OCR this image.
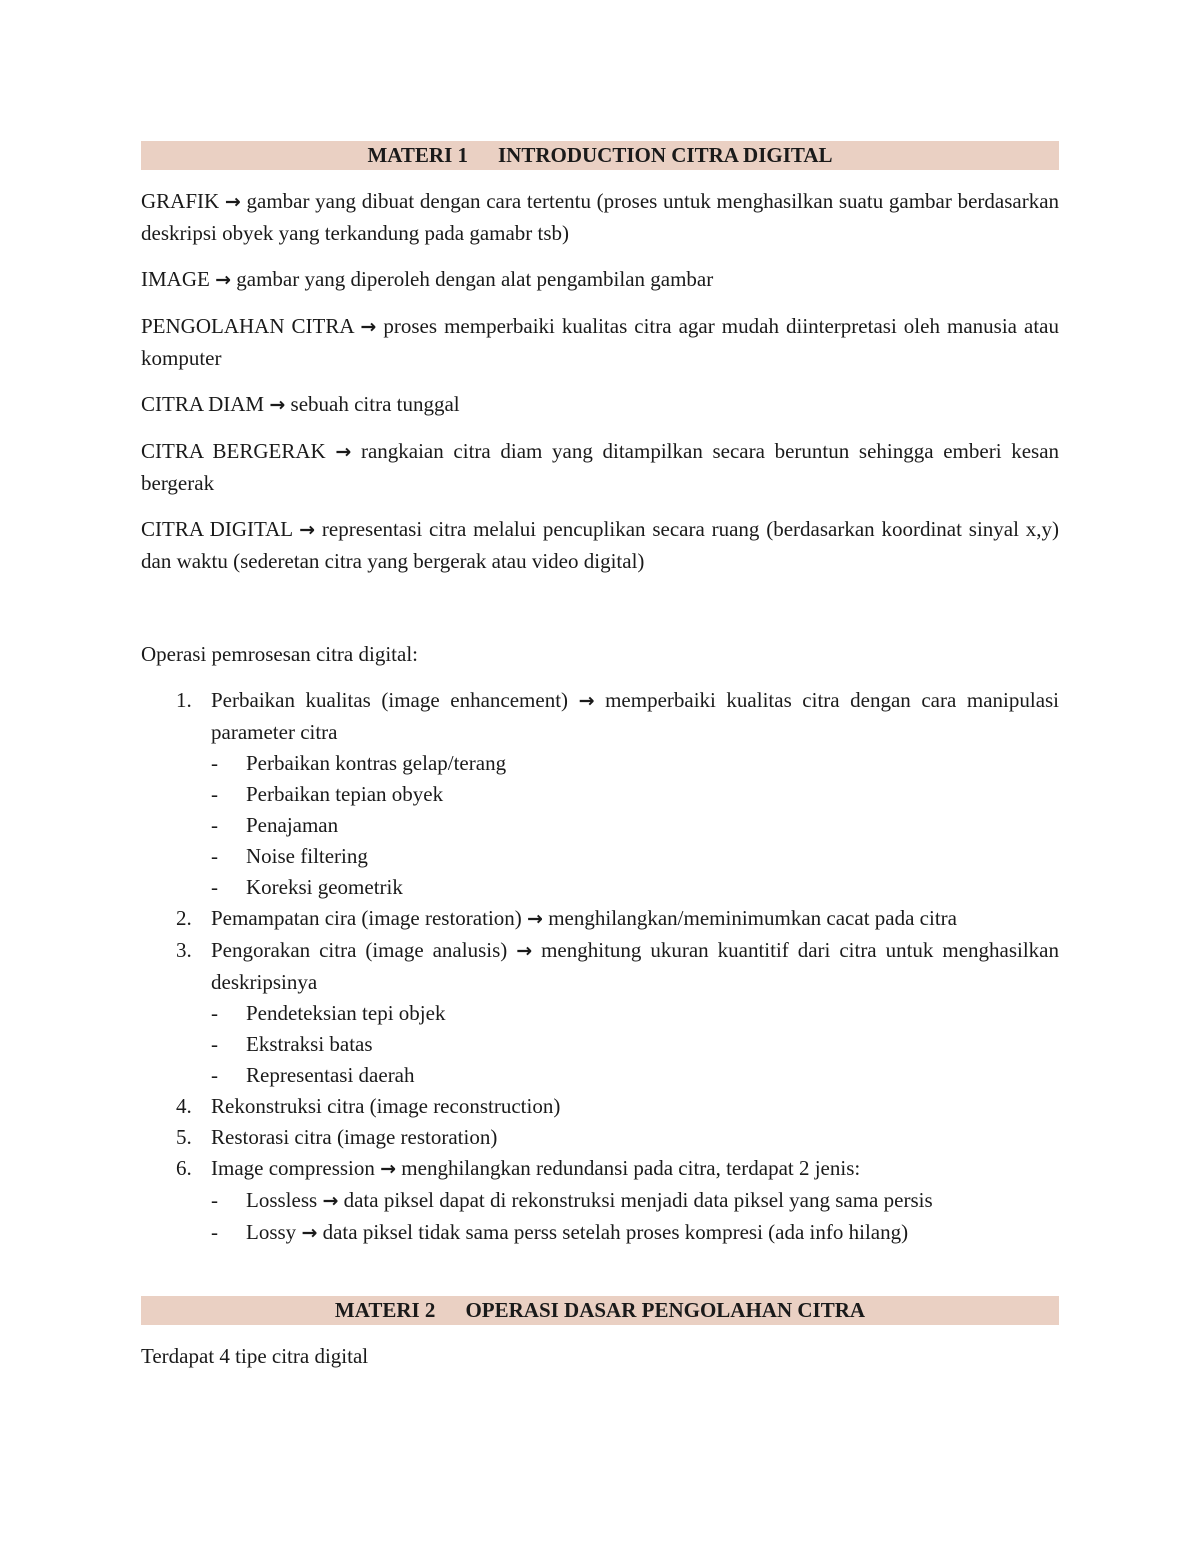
MATERI 1 INTRODUCTION CITRA DIGITAL

GRAFIK → gambar yang dibuat dengan cara tertentu (proses untuk menghasilkan suatu gambar berdasarkan deskripsi obyek yang terkandung pada gamabr tsb)

IMAGE → gambar yang diperoleh dengan alat pengambilan gambar

PENGOLAHAN CITRA → proses memperbaiki kualitas citra agar mudah diinterpretasi oleh manusia atau komputer

CITRA DIAM → sebuah citra tunggal

CITRA BERGERAK → rangkaian citra diam yang ditampilkan secara beruntun sehingga emberi kesan bergerak

CITRA DIGITAL → representasi citra melalui pencuplikan secara ruang (berdasarkan koordinat sinyal x,y) dan waktu (sederetan citra yang bergerak atau video digital)

Operasi pemrosesan citra digital:

1. Perbaikan kualitas (image enhancement) → memperbaiki kualitas citra dengan cara manipulasi parameter citra
- Perbaikan kontras gelap/terang
- Perbaikan tepian obyek
- Penajaman
- Noise filtering
- Koreksi geometrik
2. Pemampatan cira (image restoration) → menghilangkan/meminimumkan cacat pada citra
3. Pengorakan citra (image analusis) → menghitung ukuran kuantitif dari citra untuk menghasilkan deskripsinya
- Pendeteksian tepi objek
- Ekstraksi batas
- Representasi daerah
4. Rekonstruksi citra (image reconstruction)
5. Restorasi citra (image restoration)
6. Image compression → menghilangkan redundansi pada citra, terdapat 2 jenis:
- Lossless → data piksel dapat di rekonstruksi menjadi data piksel yang sama persis
- Lossy → data piksel tidak sama perss setelah proses kompresi (ada info hilang)
MATERI 2 OPERASI DASAR PENGOLAHAN CITRA

Terdapat 4 tipe citra digital
